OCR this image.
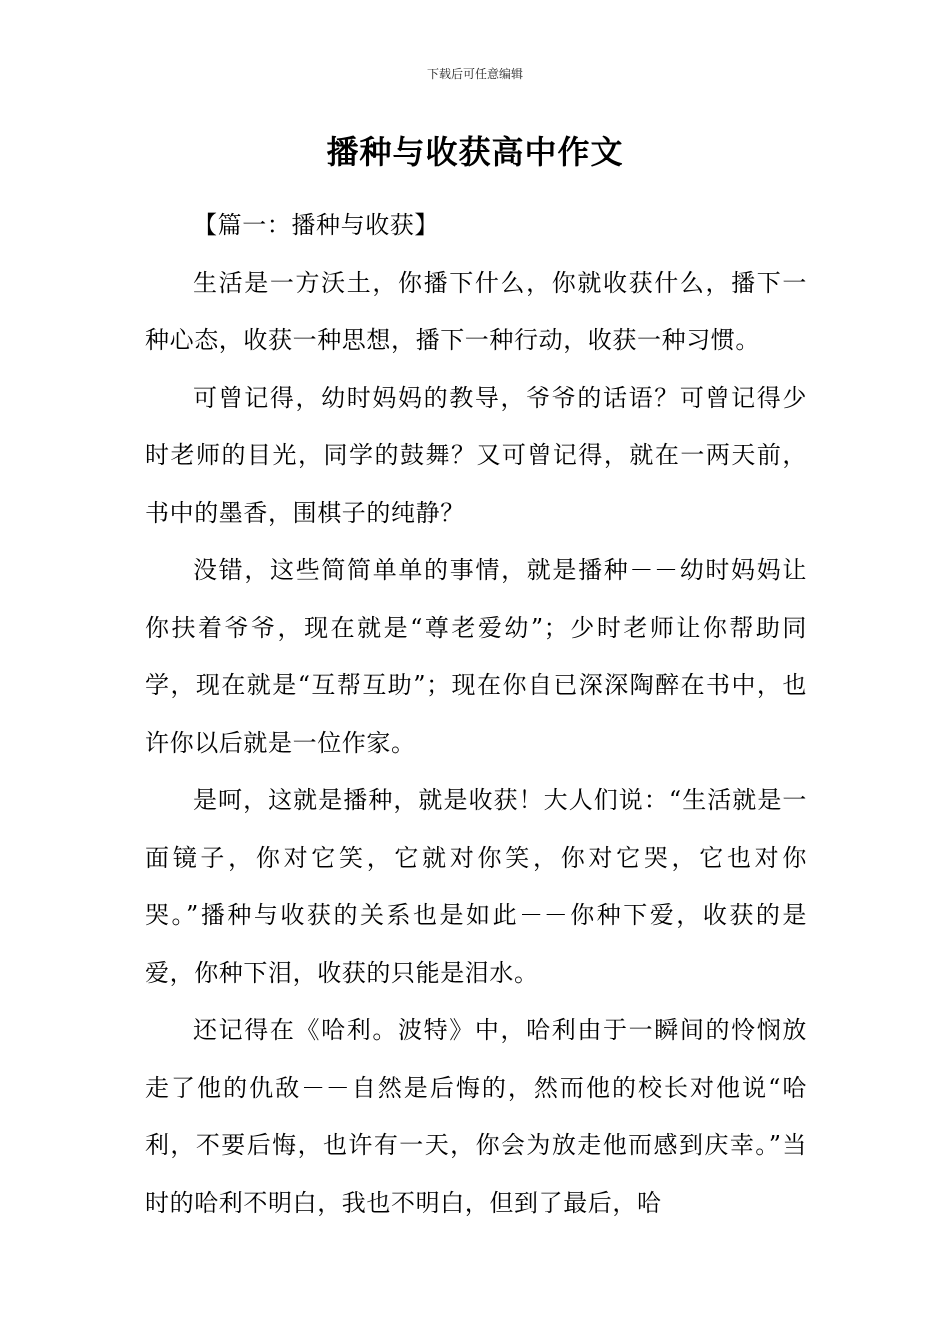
下载后可任意编辑
播种与收获高中作文

【篇一：播种与收获】

生活是一方沃土，你播下什么，你就收获什么，播下一种心态，收获一种思想，播下一种行动，收获一种习惯。

可曾记得，幼时妈妈的教导，爷爷的话语？可曾记得少时老师的目光，同学的鼓舞？又可曾记得，就在一两天前，书中的墨香，围棋子的纯静？

没错，这些简简单单的事情，就是播种－－幼时妈妈让你扶着爷爷，现在就是“尊老爱幼”；少时老师让你帮助同学，现在就是“互帮互助”；现在你自已深深陶醉在书中，也许你以后就是一位作家。

是呵，这就是播种，就是收获！大人们说：“生活就是一面镜子，你对它笑，它就对你笑，你对它哭，它也对你哭。”播种与收获的关系也是如此－－你种下爱，收获的是爱，你种下泪，收获的只能是泪水。

还记得在《哈利。波特》中，哈利由于一瞬间的怜悯放走了他的仇敌－－自然是后悔的，然而他的校长对他说“哈利，不要后悔，也许有一天，你会为放走他而感到庆幸。”当时的哈利不明白，我也不明白，但到了最后，哈
